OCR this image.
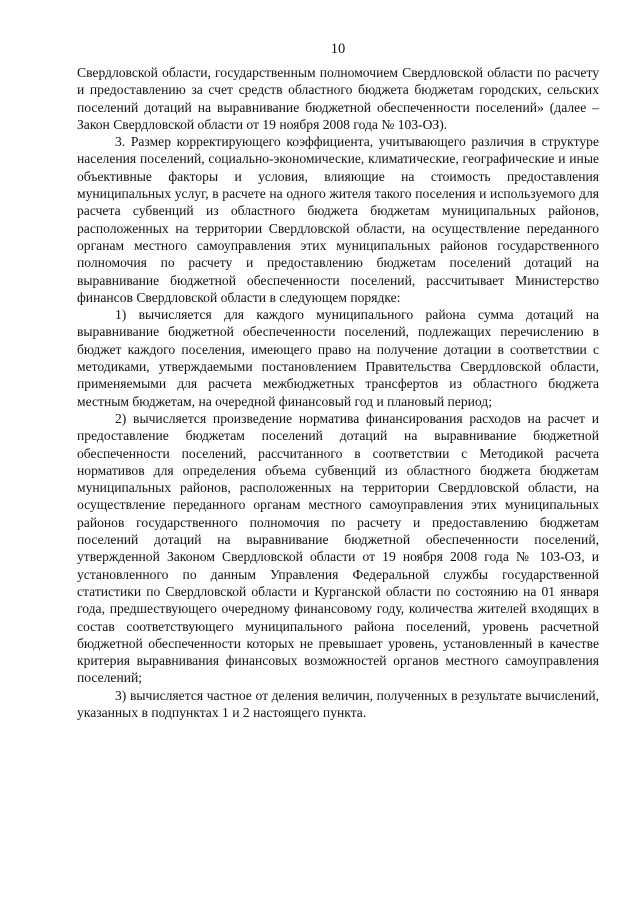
10

Свердловской области, государственным полномочием Свердловской области по расчету и предоставлению за счет средств областного бюджета бюджетам городских, сельских поселений дотаций на выравнивание бюджетной обеспеченности поселений» (далее – Закон Свердловской области от 19 ноября 2008 года № 103-ОЗ).

3. Размер корректирующего коэффициента, учитывающего различия в структуре населения поселений, социально-экономические, климатические, географические и иные объективные факторы и условия, влияющие на стоимость предоставления муниципальных услуг, в расчете на одного жителя такого поселения и используемого для расчета субвенций из областного бюджета бюджетам муниципальных районов, расположенных на территории Свердловской области, на осуществление переданного органам местного самоуправления этих муниципальных районов государственного полномочия по расчету и предоставлению бюджетам поселений дотаций на выравнивание бюджетной обеспеченности поселений, рассчитывает Министерство финансов Свердловской области в следующем порядке:

1) вычисляется для каждого муниципального района сумма дотаций на выравнивание бюджетной обеспеченности поселений, подлежащих перечислению в бюджет каждого поселения, имеющего право на получение дотации в соответствии с методиками, утверждаемыми постановлением Правительства Свердловской области, применяемыми для расчета межбюджетных трансфертов из областного бюджета местным бюджетам, на очередной финансовый год и плановый период;

2) вычисляется произведение норматива финансирования расходов на расчет и предоставление бюджетам поселений дотаций на выравнивание бюджетной обеспеченности поселений, рассчитанного в соответствии с Методикой расчета нормативов для определения объема субвенций из областного бюджета бюджетам муниципальных районов, расположенных на территории Свердловской области, на осуществление переданного органам местного самоуправления этих муниципальных районов государственного полномочия по расчету и предоставлению бюджетам поселений дотаций на выравнивание бюджетной обеспеченности поселений, утвержденной Законом Свердловской области от 19 ноября 2008 года № 103-ОЗ, и установленного по данным Управления Федеральной службы государственной статистики по Свердловской области и Курганской области по состоянию на 01 января года, предшествующего очередному финансовому году, количества жителей входящих в состав соответствующего муниципального района поселений, уровень расчетной бюджетной обеспеченности которых не превышает уровень, установленный в качестве критерия выравнивания финансовых возможностей органов местного самоуправления поселений;

3) вычисляется частное от деления величин, полученных в результате вычислений, указанных в подпунктах 1 и 2 настоящего пункта.
